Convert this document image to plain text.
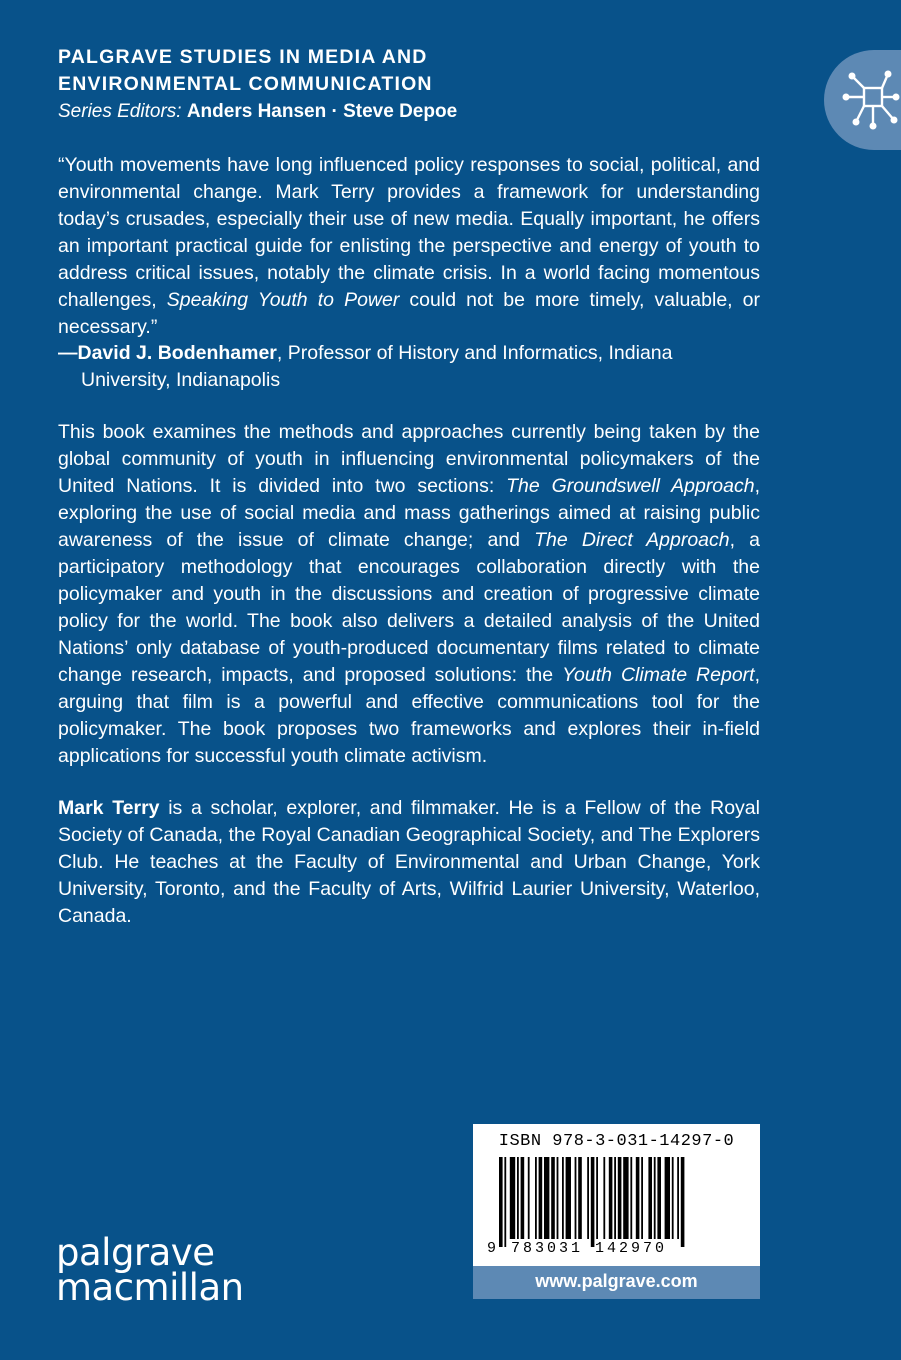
PALGRAVE STUDIES IN MEDIA AND
ENVIRONMENTAL COMMUNICATION
Series Editors: Anders Hansen · Steve Depoe
“Youth movements have long influenced policy responses to social, political, and environmental change. Mark Terry provides a framework for understanding today’s crusades, especially their use of new media. Equally important, he offers an important practical guide for enlisting the perspective and energy of youth to address critical issues, notably the climate crisis. In a world facing momentous challenges, Speaking Youth to Power could not be more timely, valuable, or necessary.”
—David J. Bodenhamer, Professor of History and Informatics, Indiana
University, Indianapolis
This book examines the methods and approaches currently being taken by the global community of youth in influencing environmental policymakers of the United Nations. It is divided into two sections: The Groundswell Approach, exploring the use of social media and mass gatherings aimed at raising public awareness of the issue of climate change; and The Direct Approach, a participatory methodology that encourages collaboration directly with the policymaker and youth in the discussions and creation of progressive climate policy for the world. The book also delivers a detailed analysis of the United Nations’ only database of youth-produced documentary films related to climate change research, impacts, and proposed solutions: the Youth Climate Report, arguing that film is a powerful and effective communications tool for the policymaker. The book proposes two frameworks and explores their in-field applications for successful youth climate activism.
Mark Terry is a scholar, explorer, and filmmaker. He is a Fellow of the Royal Society of Canada, the Royal Canadian Geographical Society, and The Explorers Club. He teaches at the Faculty of Environmental and Urban Change, York University, Toronto, and the Faculty of Arts, Wilfrid Laurier University, Waterloo, Canada.
palgrave
macmillan
ISBN 978-3-031-14297-0
9 783031 142970
www.palgrave.com
